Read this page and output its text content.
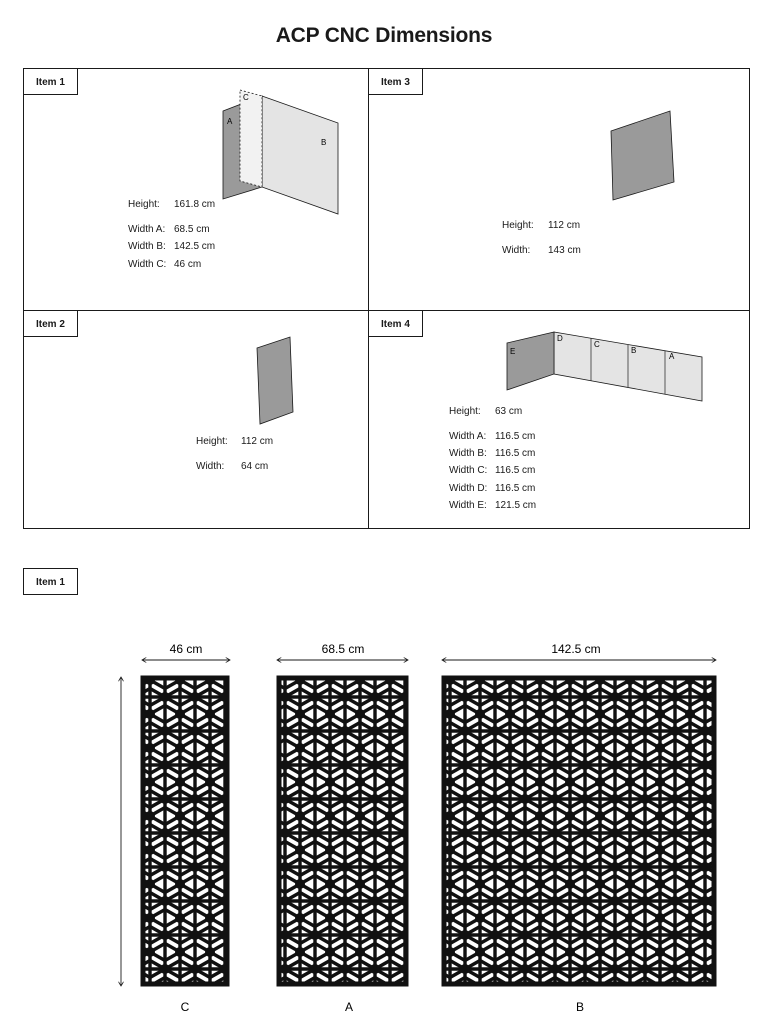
ACP CNC Dimensions
Item 1
A
B
C
Height: 161.8 cm
Width A: 68.5 cm
Width B: 142.5 cm
Width C: 46 cm
Item 3
Height: 112 cm
Width: 143 cm
Item 2
Height: 112 cm
Width: 64 cm
Item 4
E
D
C
B
A
Height: 63 cm
Width A: 116.5 cm
Width B: 116.5 cm
Width C: 116.5 cm
Width D: 116.5 cm
Width E: 121.5 cm
Item 1
46 cm	68.5 cm	142.5 cm
C	A	B
